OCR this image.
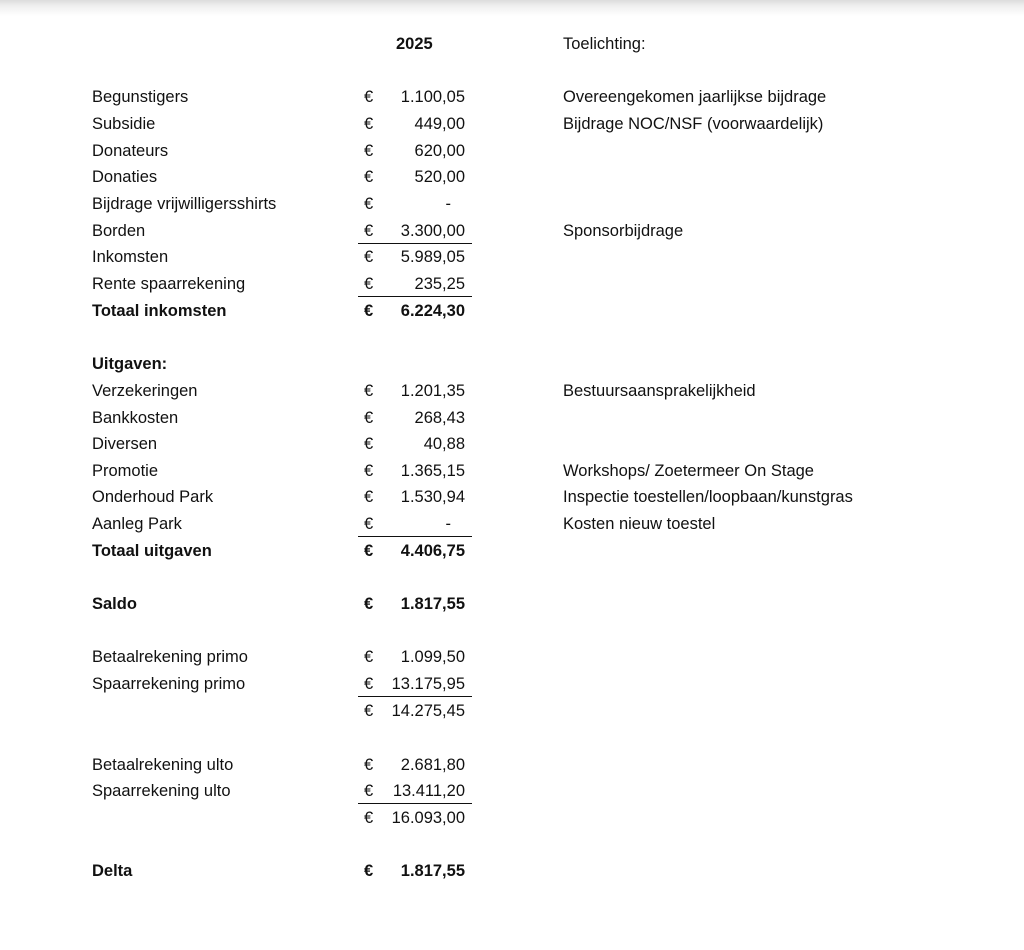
2025	Toelichting:
Begunstigers	€ 1.100,05	Overeengekomen jaarlijkse bijdrage
Subsidie	€	449,00	Bijdrage NOC/NSF (voorwaardelijk)
Donateurs	€	620,00
Donaties	€	520,00
Bijdrage vrijwilligersshirts	€	-
Borden	€ 3.300,00	Sponsorbijdrage
Inkomsten	€ 5.989,05
Rente spaarrekening	€	235,25
Totaal inkomsten	€ 6.224,30
Uitgaven:
Verzekeringen	€ 1.201,35	Bestuursaansprakelijkheid
Bankkosten	€	268,43
Diversen	€	40,88
Promotie	€ 1.365,15	Workshops/ Zoetermeer On Stage
Onderhoud Park	€ 1.530,94	Inspectie toestellen/loopbaan/kunstgras
Aanleg Park	€	-	Kosten nieuw toestel
Totaal uitgaven	€ 4.406,75
Saldo	€ 1.817,55
Betaalrekening primo	€ 1.099,50
Spaarrekening primo	€ 13.175,95
€ 14.275,45
Betaalrekening ulto	€ 2.681,80
Spaarrekening ulto	€ 13.411,20
€ 16.093,00
Delta	€ 1.817,55
